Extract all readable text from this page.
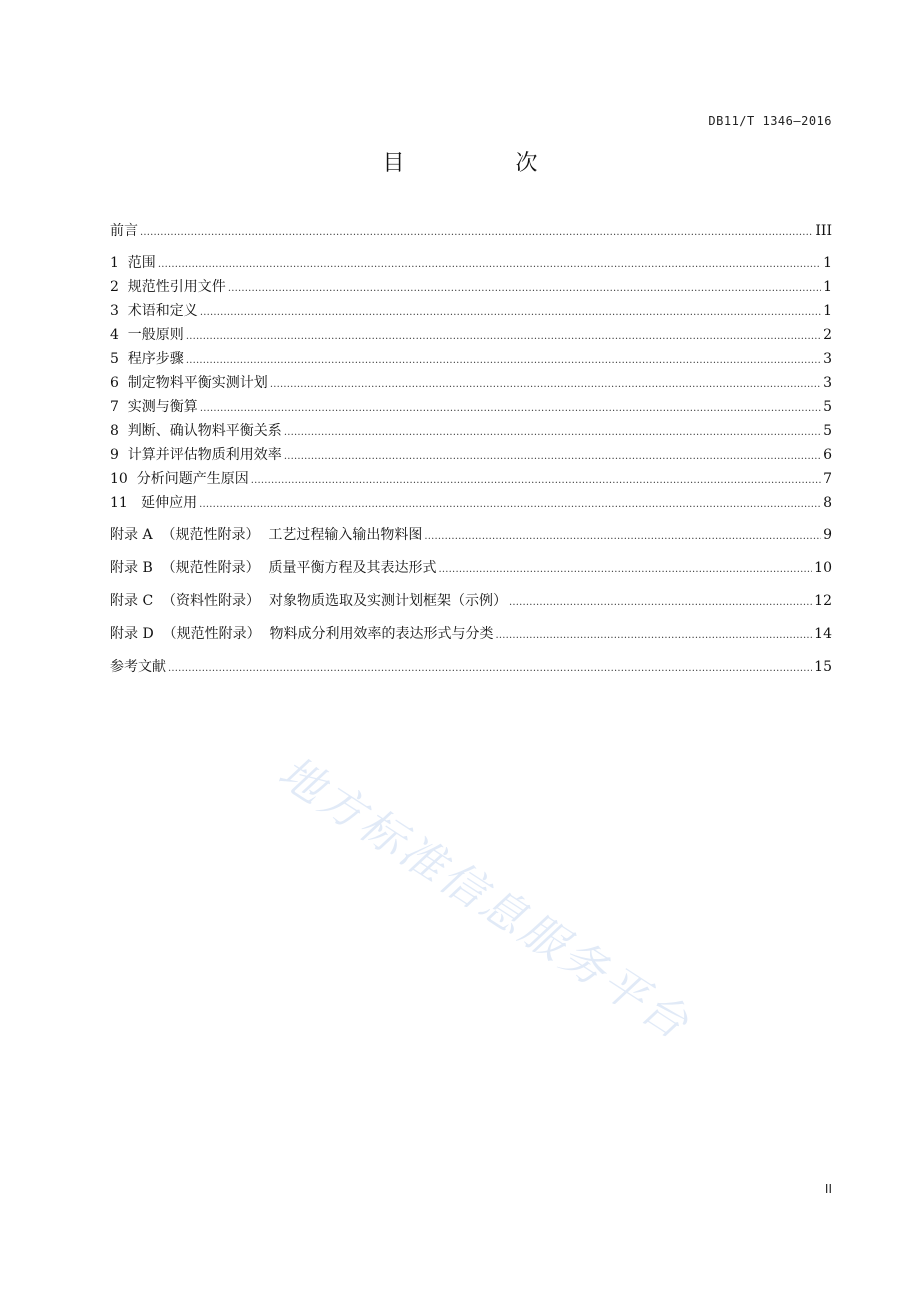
DB11/T 1346—2016
目 次
前言 .....	III
1  范围 .....	1
2  规范性引用文件 .....	1
3  术语和定义 .....	1
4  一般原则 .....	2
5  程序步骤 .....	3
6  制定物料平衡实测计划 .....	3
7  实测与衡算 .....	5
8  判断、确认物料平衡关系 .....	5
9  计算并评估物质利用效率 .....	6
10  分析问题产生原因 .....	7
11   延伸应用 .....	8
附录 A  （规范性附录）  工艺过程输入输出物料图 .....	9
附录 B  （规范性附录）  质量平衡方程及其表达形式 .....	10
附录 C  （资料性附录）  对象物质选取及实测计划框架（示例） .....	12
附录 D  （规范性附录）  物料成分利用效率的表达形式与分类 .....	14
参考文献 .....	15
地方标准信息服务平台
II
